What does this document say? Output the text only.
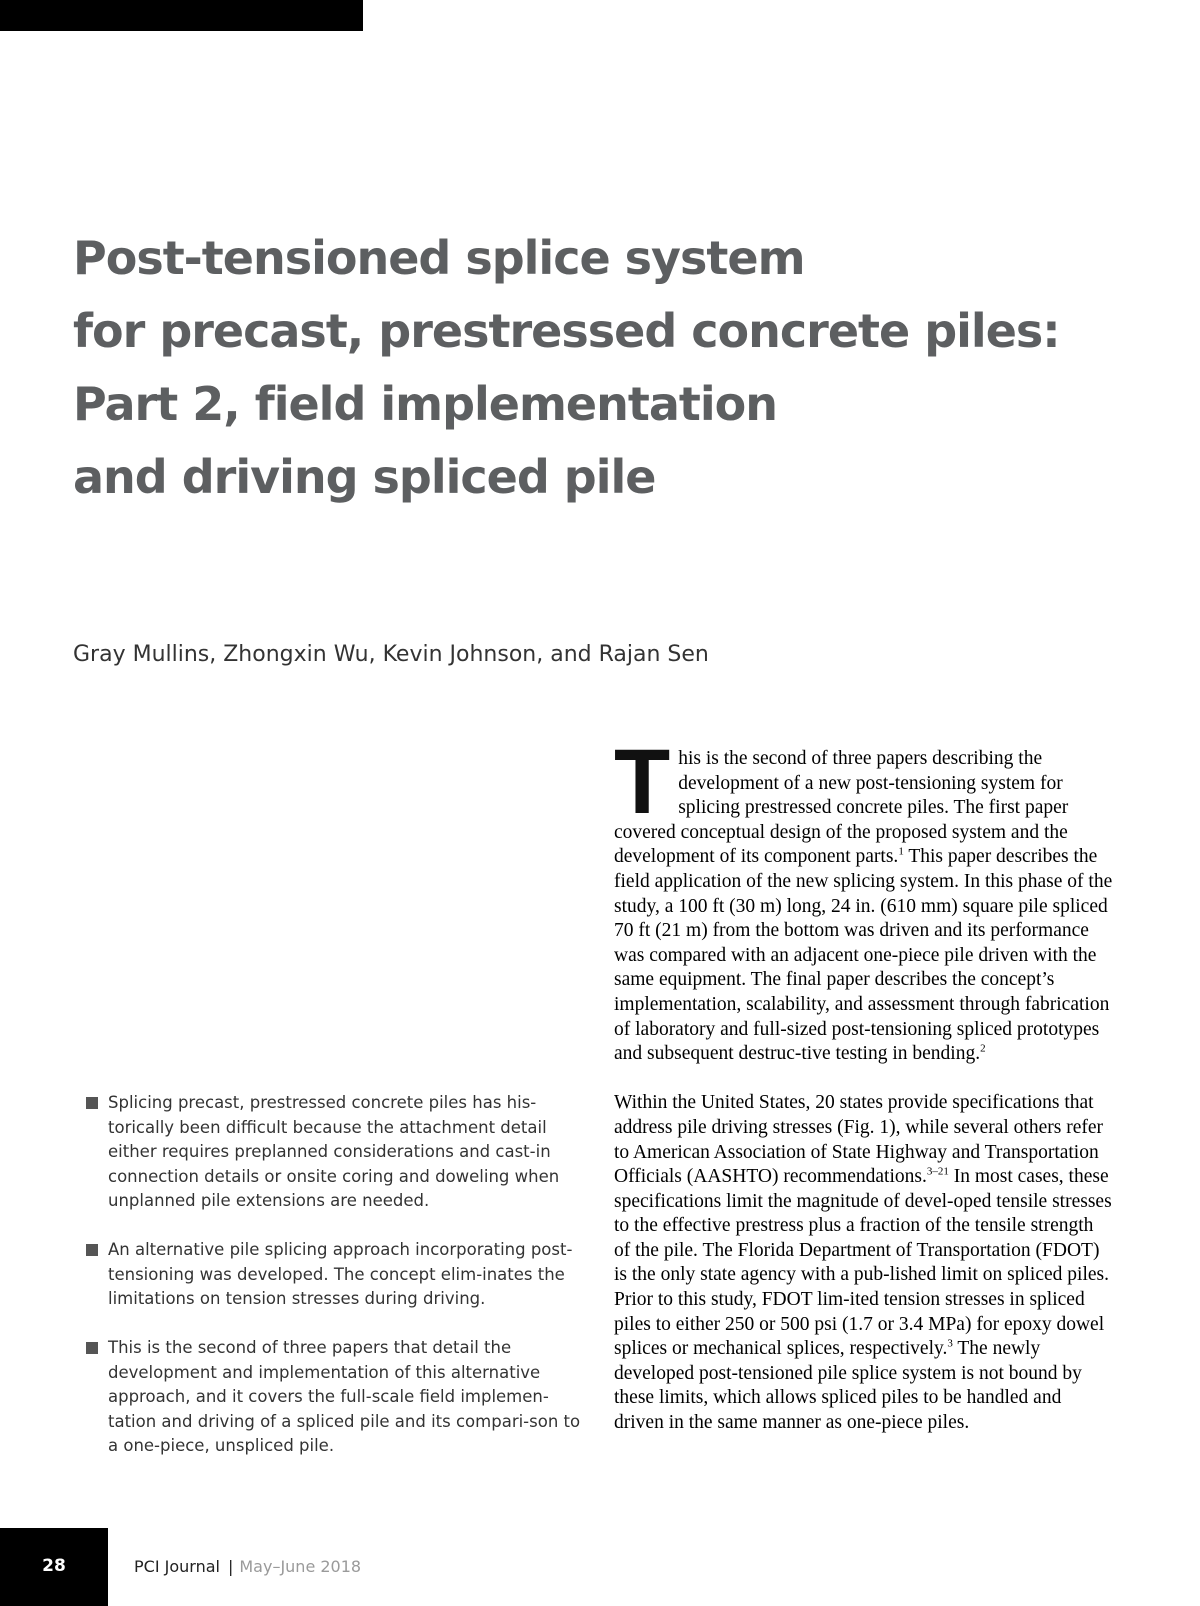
Post-tensioned splice system
for precast, prestressed concrete piles:
Part 2, field implementation
and driving spliced pile
Gray Mullins, Zhongxin Wu, Kevin Johnson, and Rajan Sen

Splicing precast, prestressed concrete piles has his-torically been difficult because the attachment detail either requires preplanned considerations and cast-in connection details or onsite coring and doweling when unplanned pile extensions are needed.

An alternative pile splicing approach incorporating post-tensioning was developed. The concept elim-inates the limitations on tension stresses during driving.

This is the second of three papers that detail the development and implementation of this alternative approach, and it covers the full-scale field implemen-tation and driving of a spliced pile and its compari-son to a one-piece, unspliced pile.

This is the second of three papers describing the development of a new post-tensioning system for splicing prestressed concrete piles. The first paper covered conceptual design of the proposed system and the development of its component parts.$^1$ This paper describes the field application of the new splicing system. In this phase of the study, a 100 ft (30 m) long, 24 in. (610 mm) square pile spliced 70 ft (21 m) from the bottom was driven and its performance was compared with an adjacent one-piece pile driven with the same equipment. The final paper describes the concept’s implementation, scalability, and assessment through fabrication of laboratory and full-sized post-tensioning spliced prototypes and subsequent destruc-tive testing in bending.$^2$

Within the United States, 20 states provide specifications that address pile driving stresses (Fig. 1), while several others refer to American Association of State Highway and Transportation Officials (AASHTO) recommendations.$^{3-21}$ In most cases, these specifications limit the magnitude of devel-oped tensile stresses to the effective prestress plus a fraction of the tensile strength of the pile. The Florida Department of Transportation (FDOT) is the only state agency with a pub-lished limit on spliced piles. Prior to this study, FDOT lim-ited tension stresses in spliced piles to either 250 or 500 psi (1.7 or 3.4 MPa) for epoxy dowel splices or mechanical splices, respectively.$^3$ The newly developed post-tensioned pile splice system is not bound by these limits, which allows spliced piles to be handled and driven in the same manner as one-piece piles.

28	PCI Journal | May–June 2018
